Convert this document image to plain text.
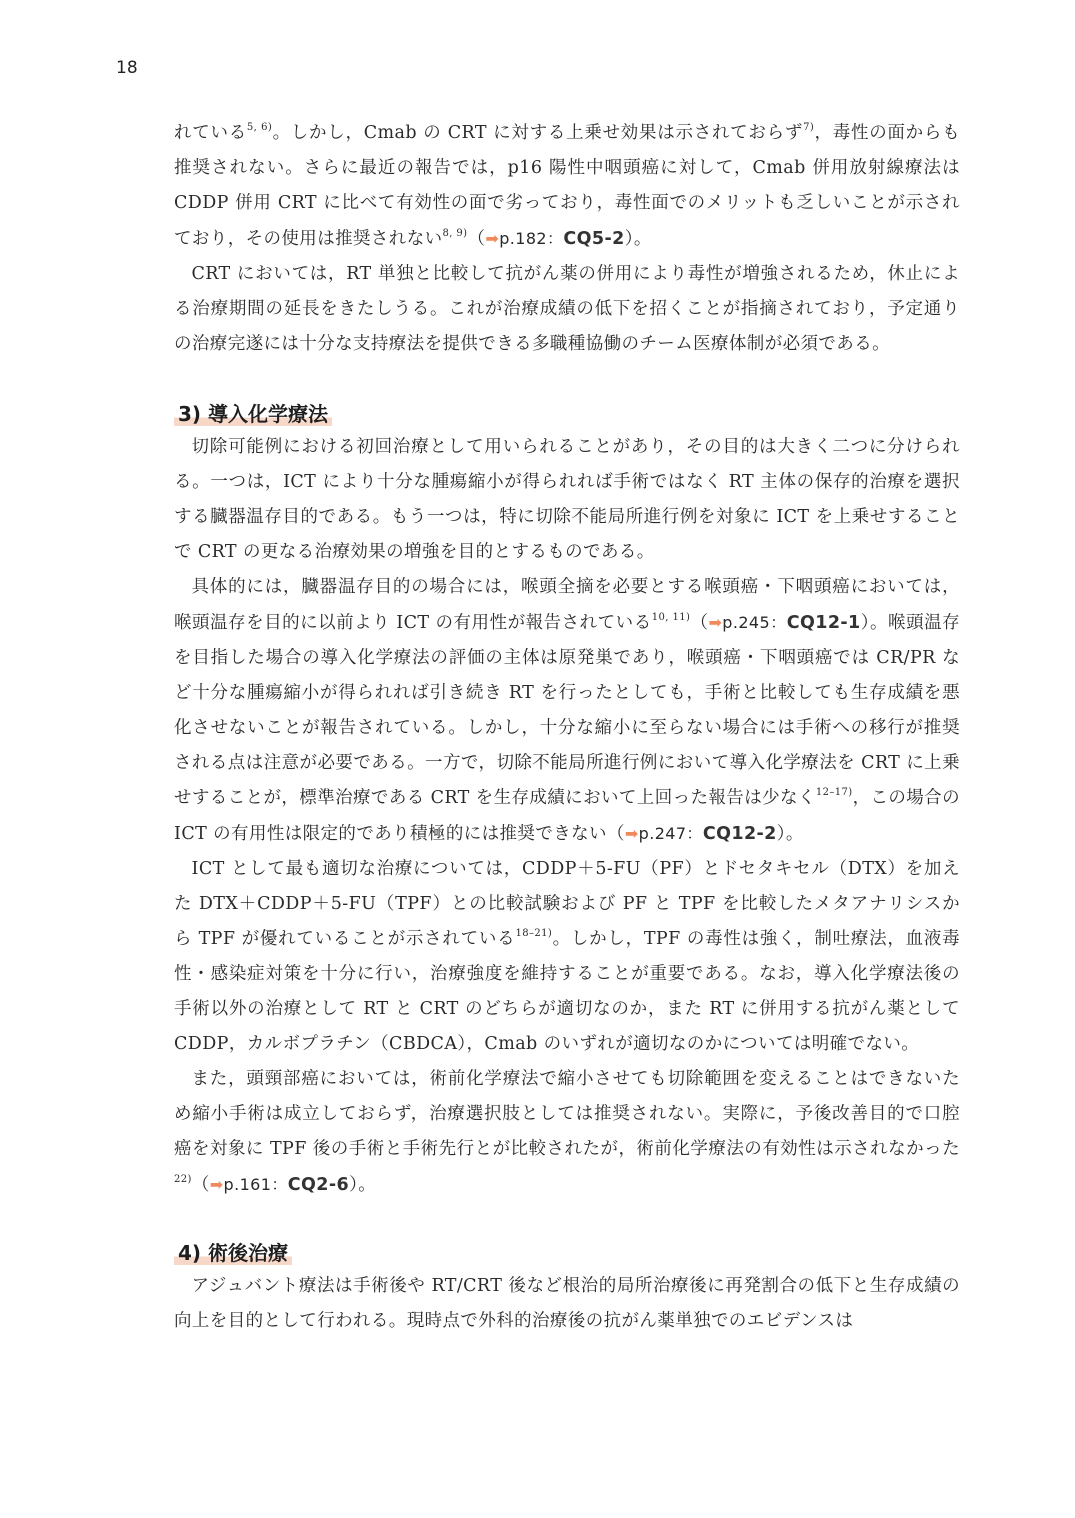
18

れている$^{5, 6)}$。しかし，Cmab の CRT に対する上乗せ効果は示されておらず$^{7)}$，毒性の面からも推奨されない。さらに最近の報告では，p16 陽性中咽頭癌に対して，Cmab 併用放射線療法は CDDP 併用 CRT に比べて有効性の面で劣っており，毒性面でのメリットも乏しいことが示されており，その使用は推奨されない$^{8, 9)}$（➡p.182：CQ5-2）。

CRT においては，RT 単独と比較して抗がん薬の併用により毒性が増強されるため，休止による治療期間の延長をきたしうる。これが治療成績の低下を招くことが指摘されており，予定通りの治療完遂には十分な支持療法を提供できる多職種協働のチーム医療体制が必須である。

3) 導入化学療法

切除可能例における初回治療として用いられることがあり，その目的は大きく二つに分けられる。一つは，ICT により十分な腫瘍縮小が得られれば手術ではなく RT 主体の保存的治療を選択する臓器温存目的である。もう一つは，特に切除不能局所進行例を対象に ICT を上乗せすることで CRT の更なる治療効果の増強を目的とするものである。

具体的には，臓器温存目的の場合には，喉頭全摘を必要とする喉頭癌・下咽頭癌においては，喉頭温存を目的に以前より ICT の有用性が報告されている$^{10, 11)}$（➡p.245：CQ12-1）。喉頭温存を目指した場合の導入化学療法の評価の主体は原発巣であり，喉頭癌・下咽頭癌では CR/PR など十分な腫瘍縮小が得られれば引き続き RT を行ったとしても，手術と比較しても生存成績を悪化させないことが報告されている。しかし，十分な縮小に至らない場合には手術への移行が推奨される点は注意が必要である。一方で，切除不能局所進行例において導入化学療法を CRT に上乗せすることが，標準治療である CRT を生存成績において上回った報告は少なく$^{12-17)}$，この場合の ICT の有用性は限定的であり積極的には推奨できない（➡p.247：CQ12-2）。

ICT として最も適切な治療については，CDDP＋5-FU（PF）とドセタキセル（DTX）を加えた DTX＋CDDP＋5-FU（TPF）との比較試験および PF と TPF を比較したメタアナリシスから TPF が優れていることが示されている$^{18-21)}$。しかし，TPF の毒性は強く，制吐療法，血液毒性・感染症対策を十分に行い，治療強度を維持することが重要である。なお，導入化学療法後の手術以外の治療として RT と CRT のどちらが適切なのか，また RT に併用する抗がん薬として CDDP，カルボプラチン（CBDCA），Cmab のいずれが適切なのかについては明確でない。

また，頭頸部癌においては，術前化学療法で縮小させても切除範囲を変えることはできないため縮小手術は成立しておらず，治療選択肢としては推奨されない。実際に，予後改善目的で口腔癌を対象に TPF 後の手術と手術先行とが比較されたが，術前化学療法の有効性は示されなかった$^{22)}$（➡p.161：CQ2-6）。

4) 術後治療

アジュバント療法は手術後や RT/CRT 後など根治的局所治療後に再発割合の低下と生存成績の向上を目的として行われる。現時点で外科的治療後の抗がん薬単独でのエビデンスは
